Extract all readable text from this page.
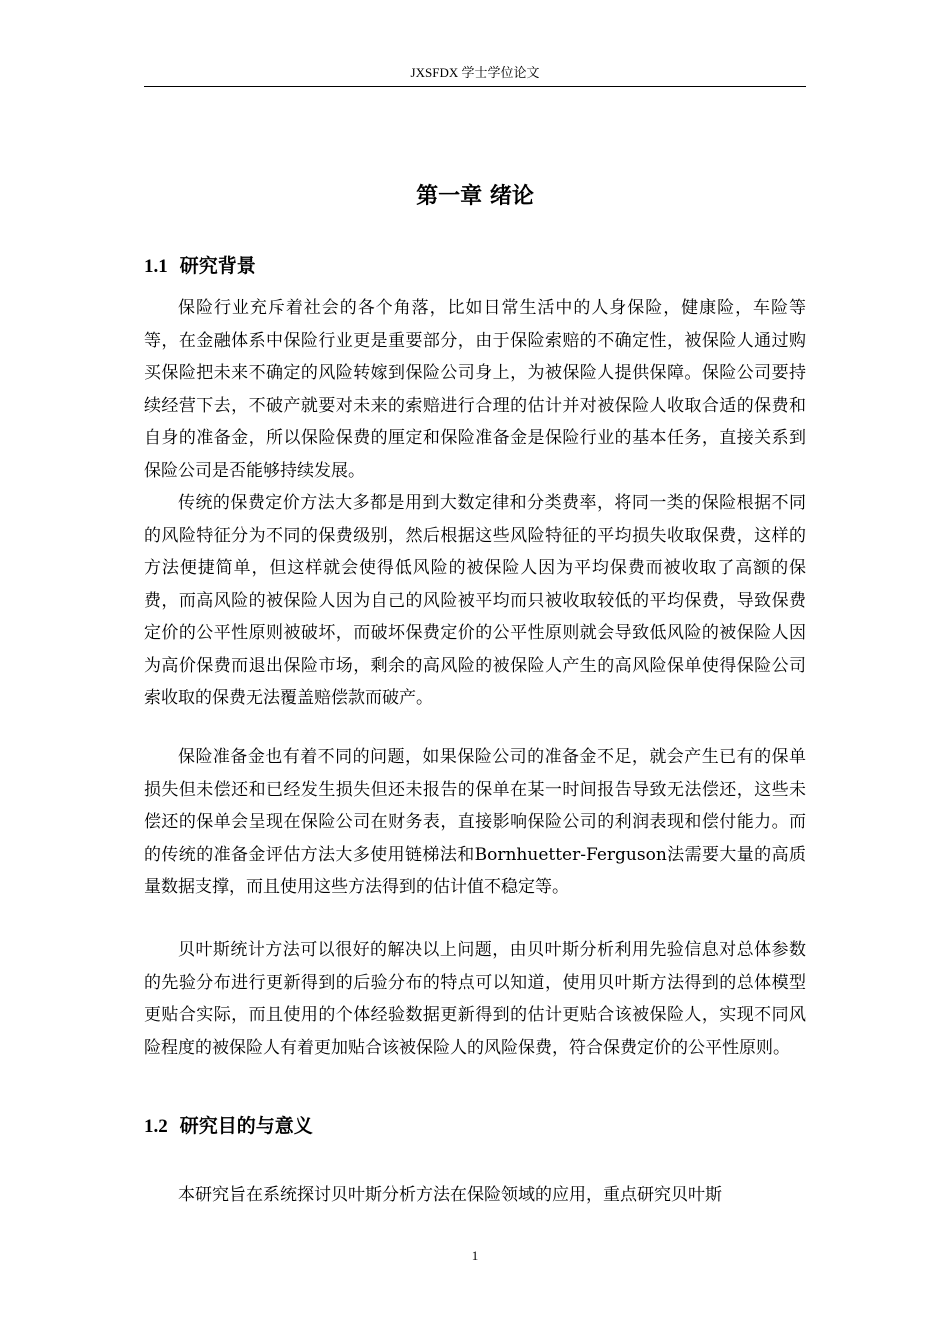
JXSFDX 学士学位论文
第一章 绪论
1.1 研究背景

保险行业充斥着社会的各个角落，比如日常生活中的人身保险，健康险，车险等等，在金融体系中保险行业更是重要部分，由于保险索赔的不确定性，被保险人通过购买保险把未来不确定的风险转嫁到保险公司身上，为被保险人提供保障。保险公司要持续经营下去，不破产就要对未来的索赔进行合理的估计并对被保险人收取合适的保费和自身的准备金，所以保险保费的厘定和保险准备金是保险行业的基本任务，直接关系到保险公司是否能够持续发展。

传统的保费定价方法大多都是用到大数定律和分类费率，将同一类的保险根据不同的风险特征分为不同的保费级别，然后根据这些风险特征的平均损失收取保费，这样的方法便捷简单，但这样就会使得低风险的被保险人因为平均保费而被收取了高额的保费，而高风险的被保险人因为自己的风险被平均而只被收取较低的平均保费，导致保费定价的公平性原则被破坏，而破坏保费定价的公平性原则就会导致低风险的被保险人因为高价保费而退出保险市场，剩余的高风险的被保险人产生的高风险保单使得保险公司索收取的保费无法覆盖赔偿款而破产。

保险准备金也有着不同的问题，如果保险公司的准备金不足，就会产生已有的保单损失但未偿还和已经发生损失但还未报告的保单在某一时间报告导致无法偿还，这些未偿还的保单会呈现在保险公司在财务表，直接影响保险公司的利润表现和偿付能力。而的传统的准备金评估方法大多使用链梯法和Bornhuetter-Ferguson法需要大量的高质量数据支撑，而且使用这些方法得到的估计值不稳定等。

贝叶斯统计方法可以很好的解决以上问题，由贝叶斯分析利用先验信息对总体参数的先验分布进行更新得到的后验分布的特点可以知道，使用贝叶斯方法得到的总体模型更贴合实际，而且使用的个体经验数据更新得到的估计更贴合该被保险人，实现不同风险程度的被保险人有着更加贴合该被保险人的风险保费，符合保费定价的公平性原则。

1.2 研究目的与意义

本研究旨在系统探讨贝叶斯分析方法在保险领域的应用，重点研究贝叶斯

1
